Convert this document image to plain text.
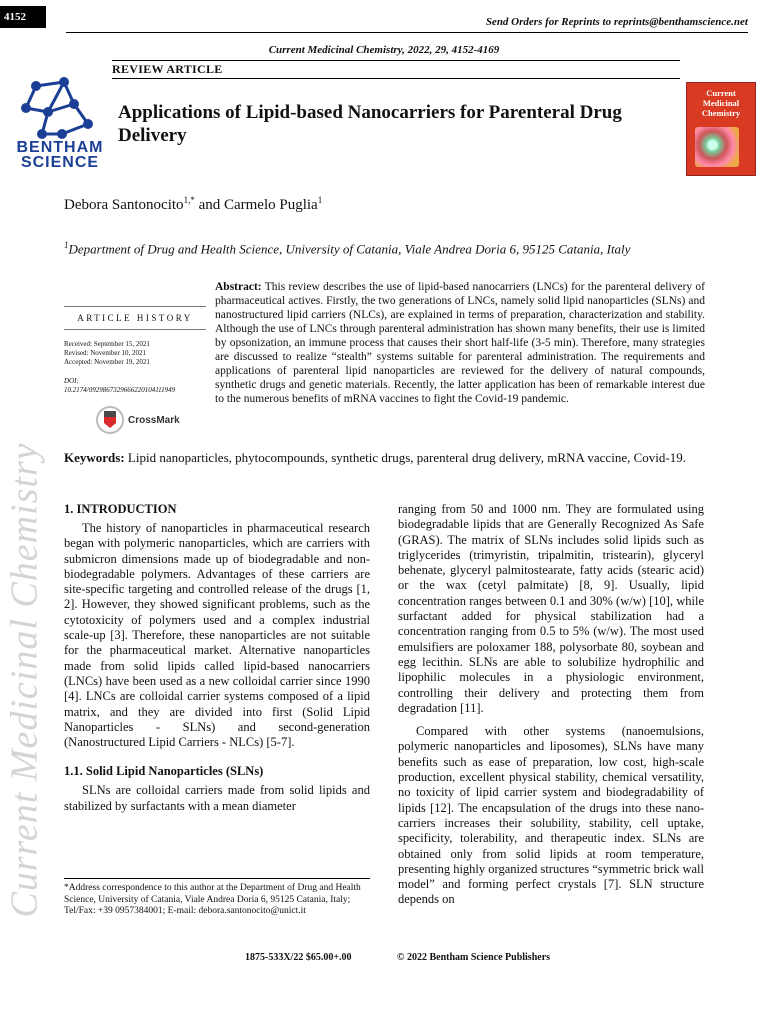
4152	Send Orders for Reprints to reprints@benthamscience.net
Current Medicinal Chemistry, 2022, 29, 4152-4169
REVIEW ARTICLE
BENTHAM SCIENCE
Applications of Lipid-based Nanocarriers for Parenteral Drug Delivery
Current Medicinal Chemistry
Debora Santonocito$^{1,*}$ and Carmelo Puglia$^1$
$^1$Department of Drug and Health Science, University of Catania, Viale Andrea Doria 6, 95125 Catania, Italy
Abstract: This review describes the use of lipid-based nanocarriers (LNCs) for the parenteral delivery of pharmaceutical actives. Firstly, the two generations of LNCs, namely solid lipid nanoparticles (SLNs) and nanostructured lipid carriers (NLCs), are explained in terms of preparation, characterization and stability. Although the use of LNCs through parenteral administration has shown many benefits, their use is limited by opsonization, an immune process that causes their short half-life (3-5 min). Therefore, many strategies are discussed to realize “stealth” systems suitable for parenteral administration. The requirements and applications of parenteral lipid nanoparticles are reviewed for the delivery of natural compounds, synthetic drugs and genetic materials. Recently, the latter application has been of remarkable interest due to the numerous benefits of mRNA vaccines to fight the Covid-19 pandemic.
ARTICLE HISTORY
Received: September 15, 2021
Revised: November 10, 2021
Accepted: November 19, 2021
DOI:
10.2174/0929867329666220104111949
CrossMark
Keywords: Lipid nanoparticles, phytocompounds, synthetic drugs, parenteral drug delivery, mRNA vaccine, Covid-19.
Current Medicinal Chemistry 1. INTRODUCTION

The history of nanoparticles in pharmaceutical research began with polymeric nanoparticles, which are carriers with submicron dimensions made up of biodegradable and non-biodegradable polymers. Advantages of these carriers are site-specific targeting and controlled release of the drugs [1, 2]. However, they showed significant problems, such as the cytotoxicity of polymers used and a complex industrial scale-up [3]. Therefore, these nanoparticles are not suitable for the pharmaceutical market. Alternative nanoparticles made from solid lipids called lipid-based nanocarriers (LNCs) have been used as a new colloidal carrier since 1990 [4]. LNCs are colloidal carrier systems composed of a lipid matrix, and they are divided into first (Solid Lipid Nanoparticles - SLNs) and second-generation (Nanostructured Lipid Carriers - NLCs) [5-7].

1.1. Solid Lipid Nanoparticles (SLNs)

SLNs are colloidal carriers made from solid lipids and stabilized by surfactants with a mean diameter

ranging from 50 and 1000 nm. They are formulated using biodegradable lipids that are Generally Recognized As Safe (GRAS). The matrix of SLNs includes solid lipids such as triglycerides (trimyristin, tripalmitin, tristearin), glyceryl behenate, glyceryl palmitostearate, fatty acids (stearic acid) or the wax (cetyl palmitate) [8, 9]. Usually, lipid concentration ranges between 0.1 and 30% (w/w) [10], while surfactant added for physical stabilization had a concentration ranging from 0.5 to 5% (w/w). The most used emulsifiers are poloxamer 188, polysorbate 80, soybean and egg lecithin. SLNs are able to solubilize hydrophilic and lipophilic molecules in a physiologic environment, controlling their delivery and protecting them from degradation [11].

Compared with other systems (nanoemulsions, polymeric nanoparticles and liposomes), SLNs have many benefits such as ease of preparation, low cost, high-scale production, excellent physical stability, chemical versatility, no toxicity of lipid carrier system and biodegradability of lipids [12]. The encapsulation of the drugs into these nano-carriers increases their solubility, stability, cell uptake, specificity, tolerability, and therapeutic index. SLNs are obtained only from solid lipids at room temperature, presenting highly organized structures “symmetric brick wall model” and forming perfect crystals [7]. SLN structure depends on

*Address correspondence to this author at the Department of Drug and Health Science, University of Catania, Viale Andrea Doria 6, 95125 Catania, Italy; Tel/Fax: +39 0957384001; E-mail: debora.santonocito@unict.it
1875-533X/22 $65.00+.00	© 2022 Bentham Science Publishers
